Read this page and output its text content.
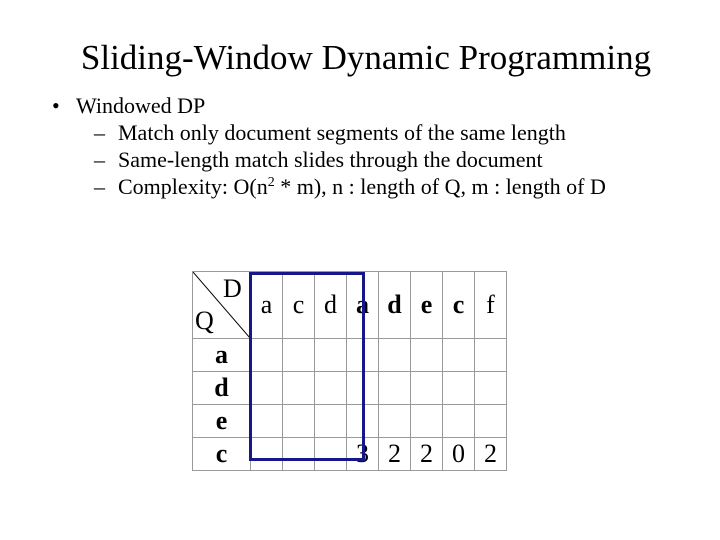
Sliding-Window Dynamic Programming
• Windowed DP
– Match only document segments of the same length
– Same-length match slides through the document
– Complexity: $O(n^2 * m)$, n : length of Q, m : length of D
D
Q	a	c	d	a	d	e	c	f
a								
d								
e								
c				3	2	2	0	2
